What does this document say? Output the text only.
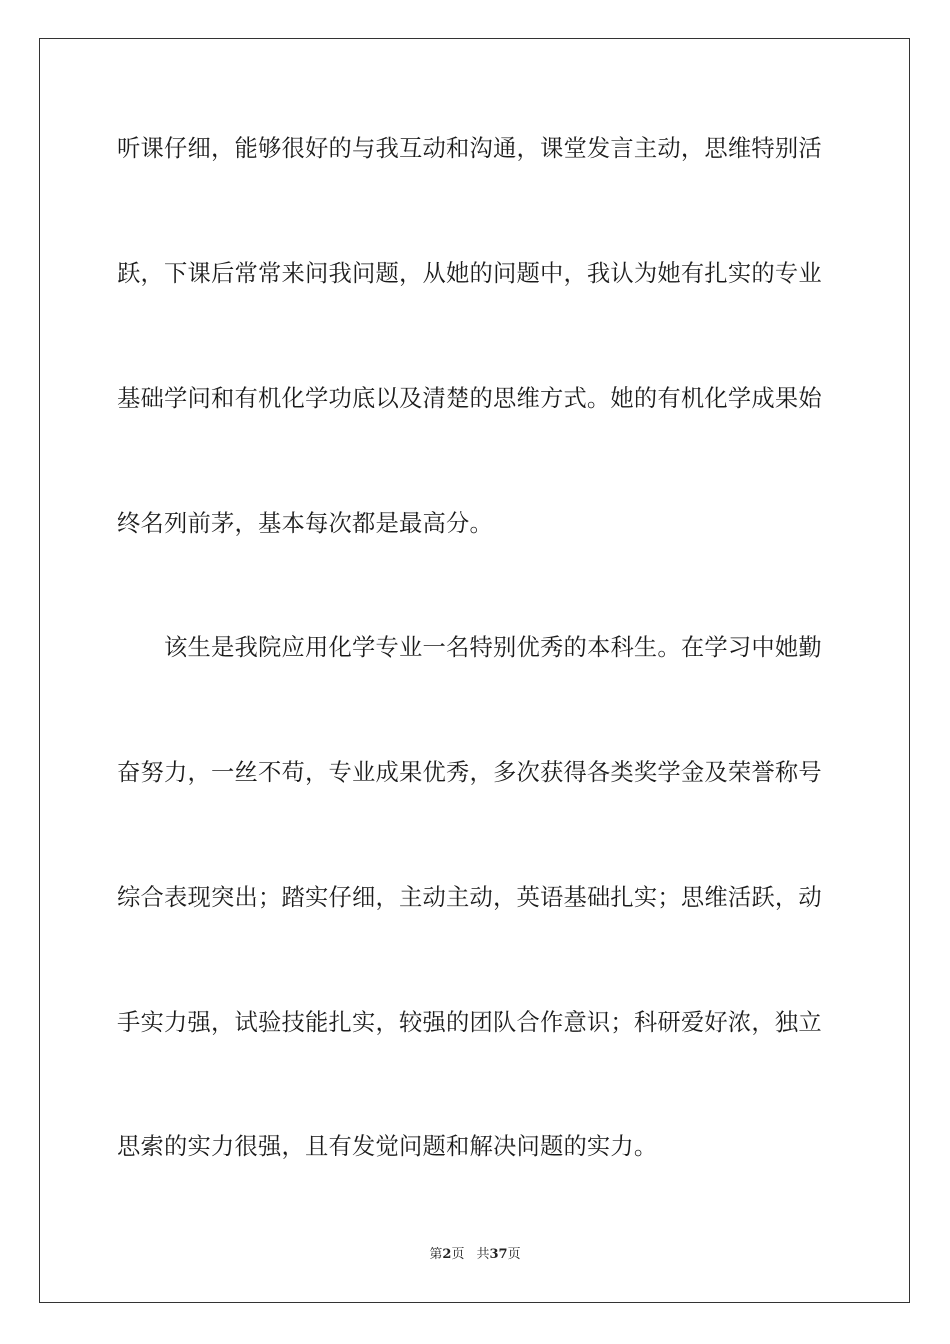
听课仔细，能够很好的与我互动和沟通，课堂发言主动，思维特别活
跃，下课后常常来问我问题，从她的问题中，我认为她有扎实的专业
基础学问和有机化学功底以及清楚的思维方式。她的有机化学成果始
终名列前茅，基本每次都是最高分。
该生是我院应用化学专业一名特别优秀的本科生。在学习中她勤
奋努力，一丝不苟，专业成果优秀，多次获得各类奖学金及荣誉称号
综合表现突出；踏实仔细，主动主动，英语基础扎实；思维活跃，动
手实力强，试验技能扎实，较强的团队合作意识；科研爱好浓，独立
思索的实力很强，且有发觉问题和解决问题的实力。
第2页 共37页
